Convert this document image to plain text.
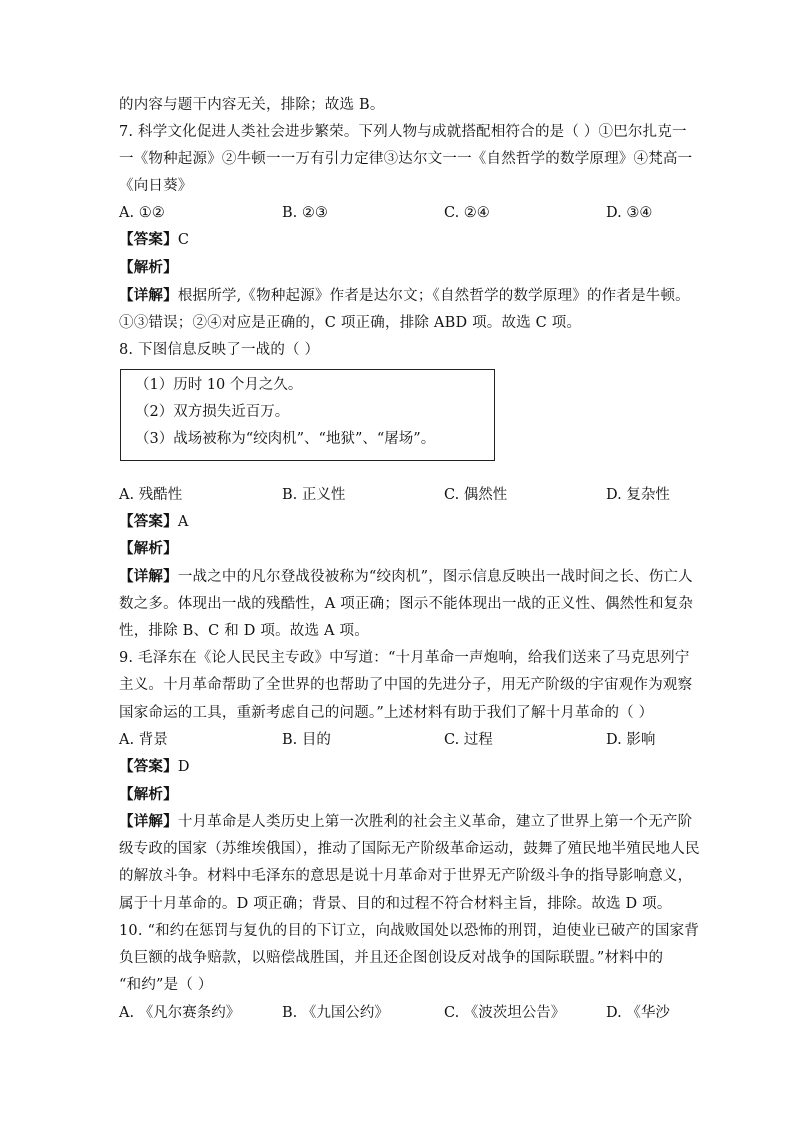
的内容与题干内容无关，排除；故选 B。
7. 科学文化促进人类社会进步繁荣。下列人物与成就搭配相符合的是（ ）①巴尔扎克一
一《物种起源》②牛顿一一万有引力定律③达尔文一一《自然哲学的数学原理》④梵高一
《向日葵》
A. ①②	B. ②③	C. ②④	D. ③④
【答案】C
【解析】
【详解】根据所学,《物种起源》作者是达尔文；《自然哲学的数学原理》的作者是牛顿。
①③错误；②④对应是正确的，C 项正确，排除 ABD 项。故选 C 项。
8. 下图信息反映了一战的（ ）
（1）历时 10 个月之久。
（2）双方损失近百万。
（3）战场被称为“绞肉机”、“地狱”、“屠场”。
A. 残酷性	B. 正义性	C. 偶然性	D. 复杂性
【答案】A
【解析】
【详解】一战之中的凡尔登战役被称为“绞肉机”，图示信息反映出一战时间之长、伤亡人
数之多。体现出一战的残酷性，A 项正确；图示不能体现出一战的正义性、偶然性和复杂
性，排除 B、C 和 D 项。故选 A 项。
9. 毛泽东在《论人民民主专政》中写道：“十月革命一声炮响，给我们送来了马克思列宁
主义。十月革命帮助了全世界的也帮助了中国的先进分子，用无产阶级的宇宙观作为观察
国家命运的工具，重新考虑自己的问题。”上述材料有助于我们了解十月革命的（ ）
A. 背景	B. 目的	C. 过程	D. 影响
【答案】D
【解析】
【详解】十月革命是人类历史上第一次胜利的社会主义革命，建立了世界上第一个无产阶
级专政的国家（苏维埃俄国），推动了国际无产阶级革命运动，鼓舞了殖民地半殖民地人民
的解放斗争。材料中毛泽东的意思是说十月革命对于世界无产阶级斗争的指导影响意义，
属于十月革命的。D 项正确；背景、目的和过程不符合材料主旨，排除。故选 D 项。
10. “和约在惩罚与复仇的目的下订立，向战败国处以恐怖的刑罚，迫使业已破产的国家背
负巨额的战争赔款，以赔偿战胜国，并且还企图创设反对战争的国际联盟。”材料中的
“和约”是（ ）
A. 《凡尔赛条约》	B. 《九国公约》	C. 《波茨坦公告》	D. 《华沙
